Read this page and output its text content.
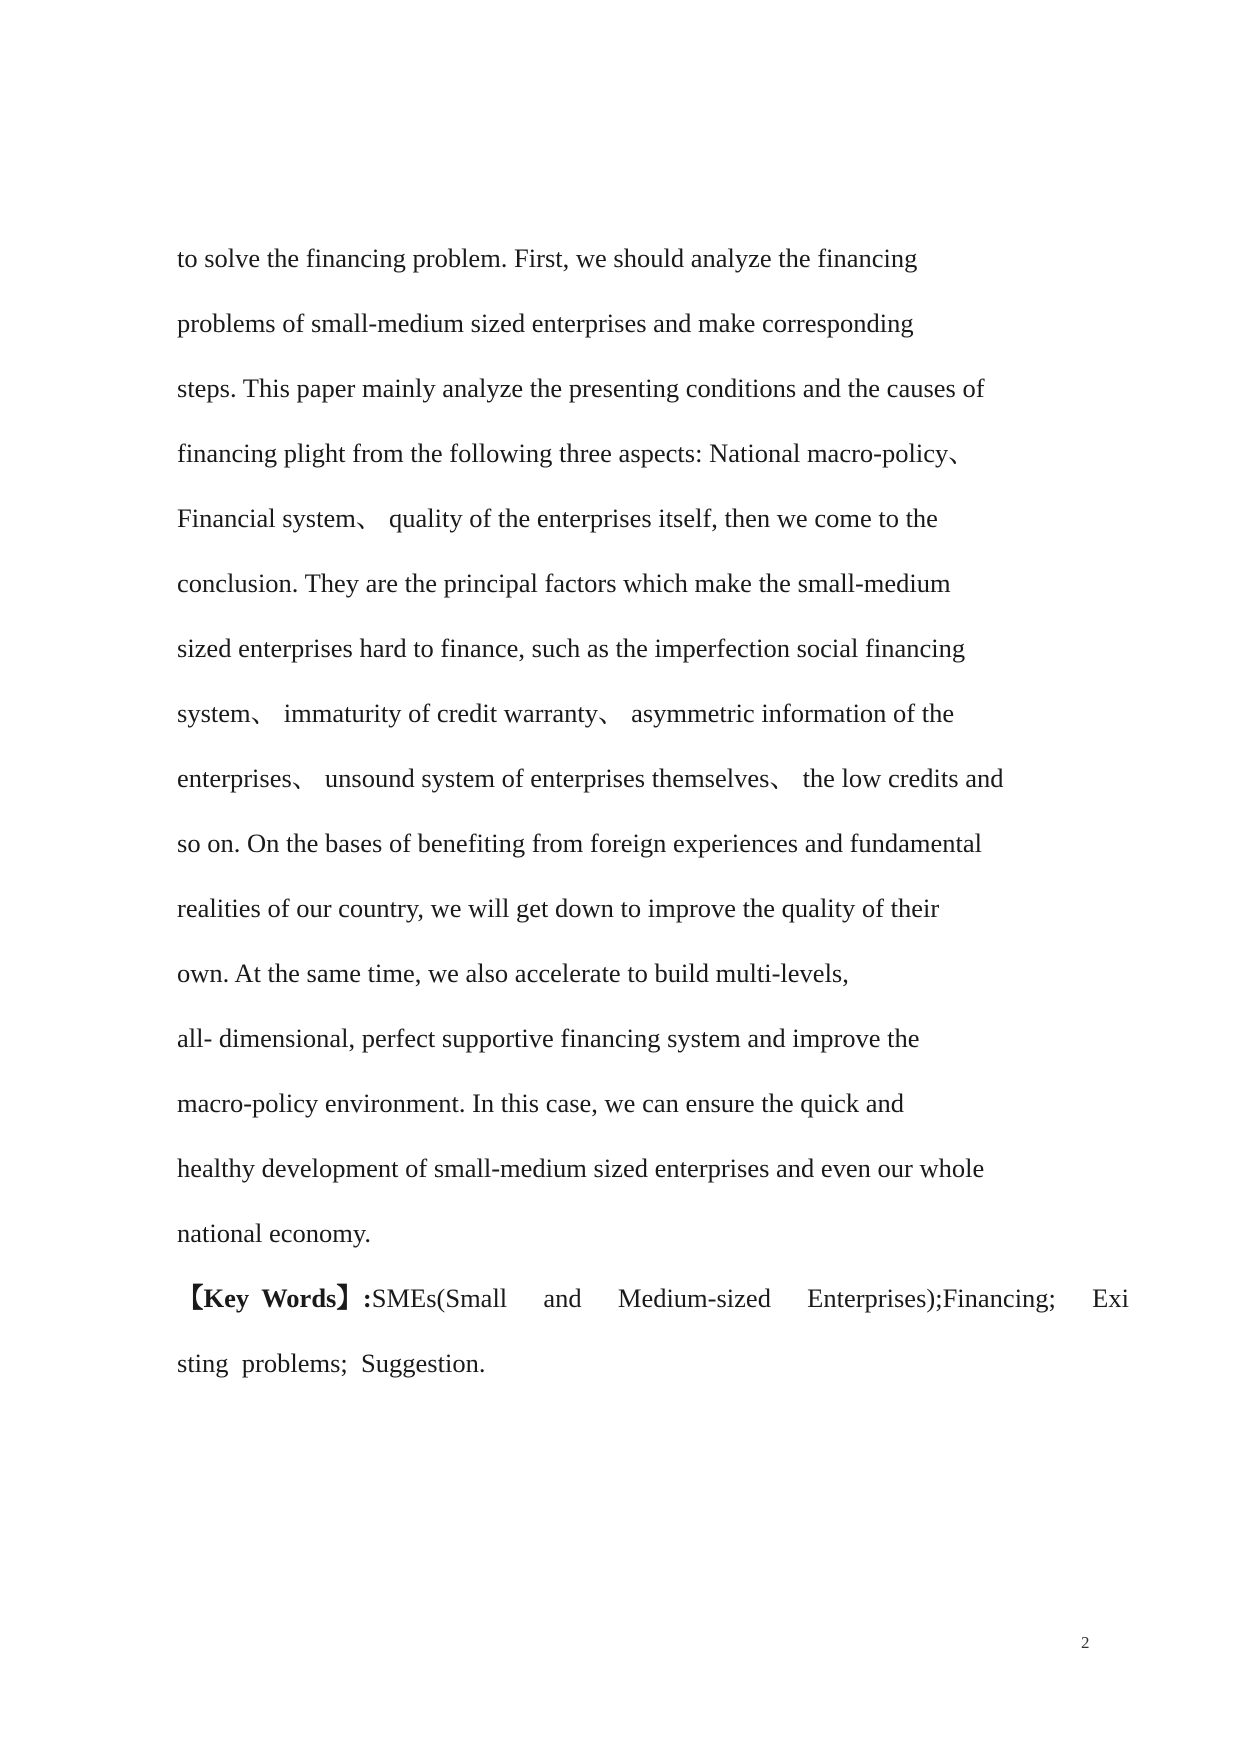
to solve the financing problem. First, we should analyze the financing
problems of small-medium sized enterprises and make corresponding
steps. This paper mainly analyze the presenting conditions and the causes of
financing plight from the following three aspects: National macro-policy、
Financial system、 quality of the enterprises itself, then we come to the
conclusion. They are the principal factors which make the small-medium
sized enterprises hard to finance, such as the imperfection social financing
system、 immaturity of credit warranty、 asymmetric information of the
enterprises、 unsound system of enterprises themselves、 the low credits and
so on. On the bases of benefiting from foreign experiences and fundamental
realities of our country, we will get down to improve the quality of their
own. At the same time, we also accelerate to build multi-levels,
all- dimensional, perfect supportive financing system and improve the
macro-policy environment. In this case, we can ensure the quick and
healthy development of small-medium sized enterprises and even our whole
national economy.
【Key Words】:SMEs(Small and Medium-sized Enterprises);Financing; Exi
sting  problems;  Suggestion.
2
